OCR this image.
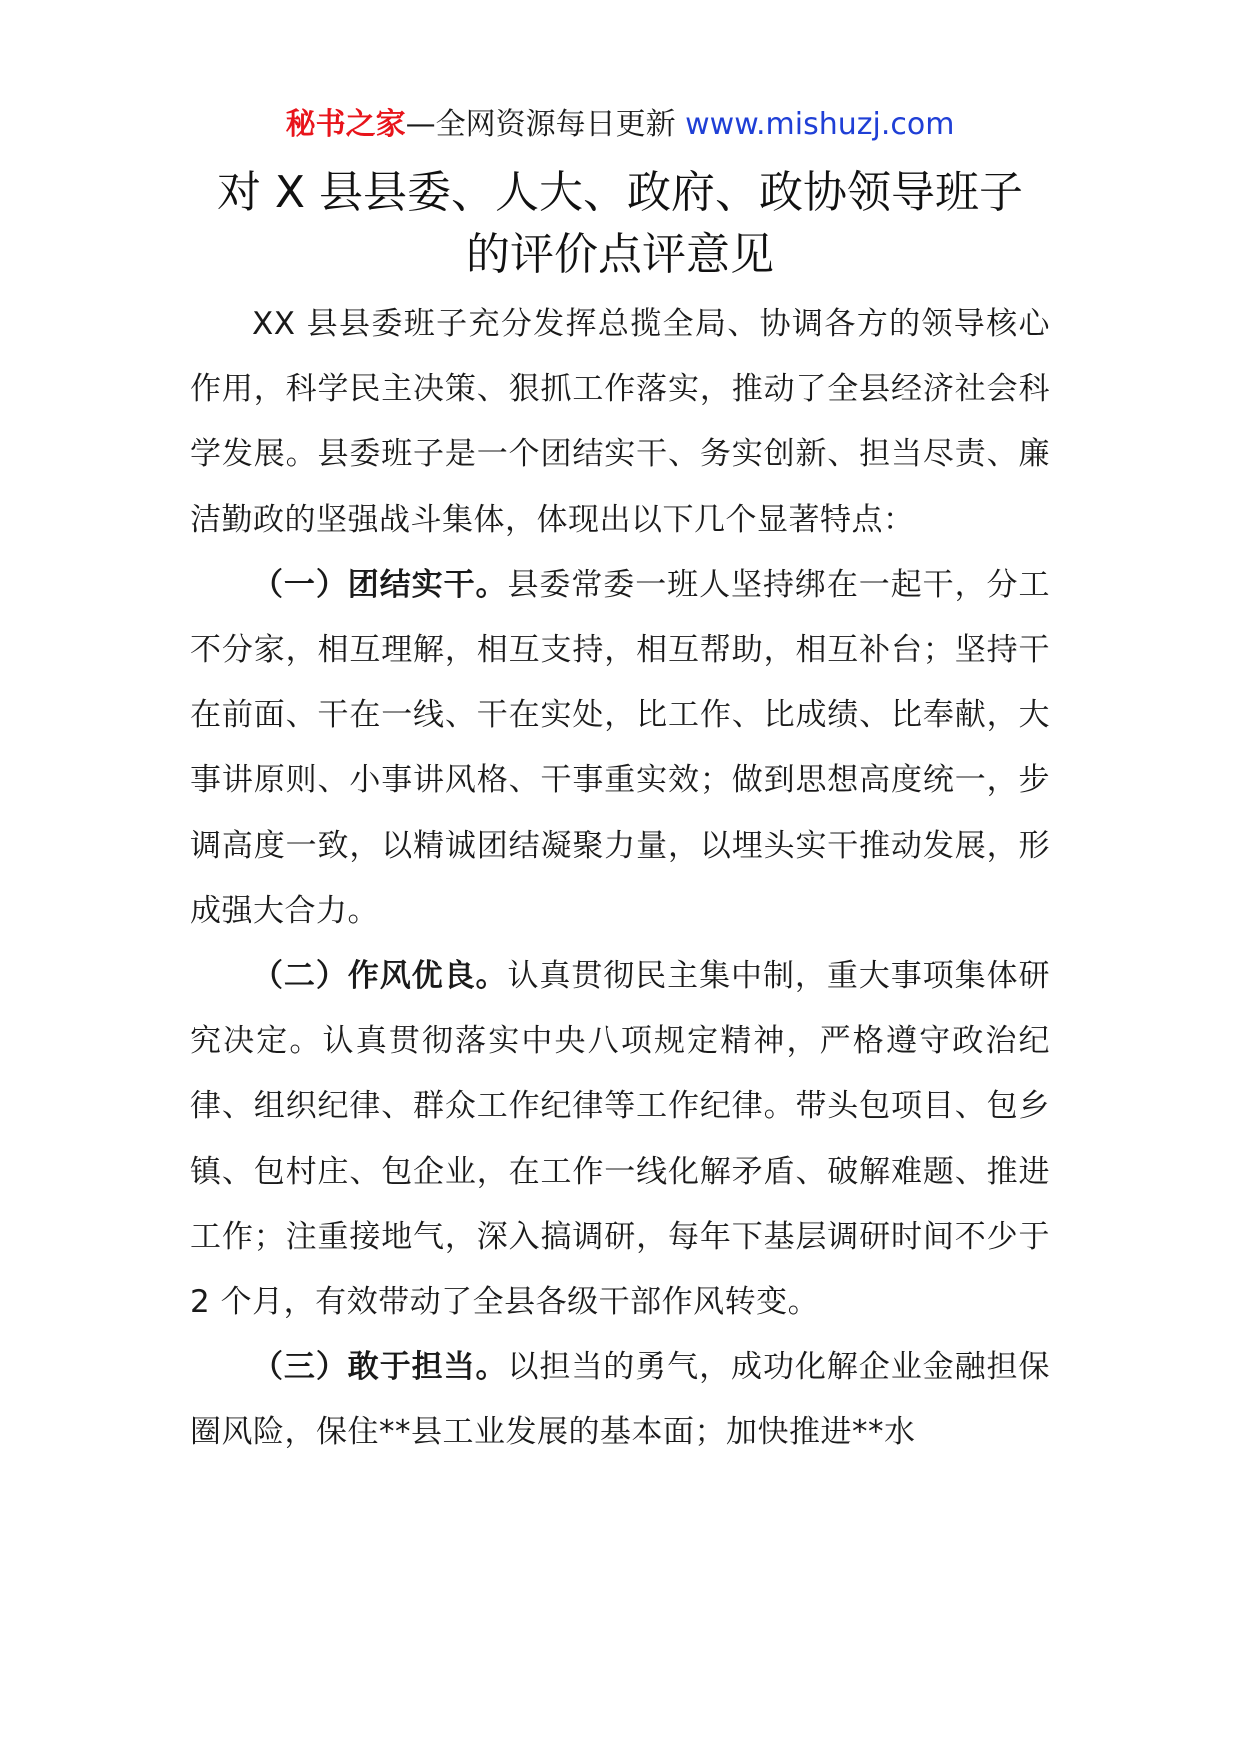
秘书之家—全网资源每日更新 www.mishuzj.com
对 X 县县委、人大、政府、政协领导班子
的评价点评意见

XX 县县委班子充分发挥总揽全局、协调各方的领导核心作用，科学民主决策、狠抓工作落实，推动了全县经济社会科学发展。县委班子是一个团结实干、务实创新、担当尽责、廉洁勤政的坚强战斗集体，体现出以下几个显著特点：

（一）团结实干。县委常委一班人坚持绑在一起干，分工不分家，相互理解，相互支持，相互帮助，相互补台；坚持干在前面、干在一线、干在实处，比工作、比成绩、比奉献，大事讲原则、小事讲风格、干事重实效；做到思想高度统一，步调高度一致，以精诚团结凝聚力量，以埋头实干推动发展，形成强大合力。

（二）作风优良。认真贯彻民主集中制，重大事项集体研究决定。认真贯彻落实中央八项规定精神，严格遵守政治纪律、组织纪律、群众工作纪律等工作纪律。带头包项目、包乡镇、包村庄、包企业，在工作一线化解矛盾、破解难题、推进工作；注重接地气，深入搞调研，每年下基层调研时间不少于 2 个月，有效带动了全县各级干部作风转变。

（三）敢于担当。以担当的勇气，成功化解企业金融担保圈风险，保住**县工业发展的基本面；加快推进**水
